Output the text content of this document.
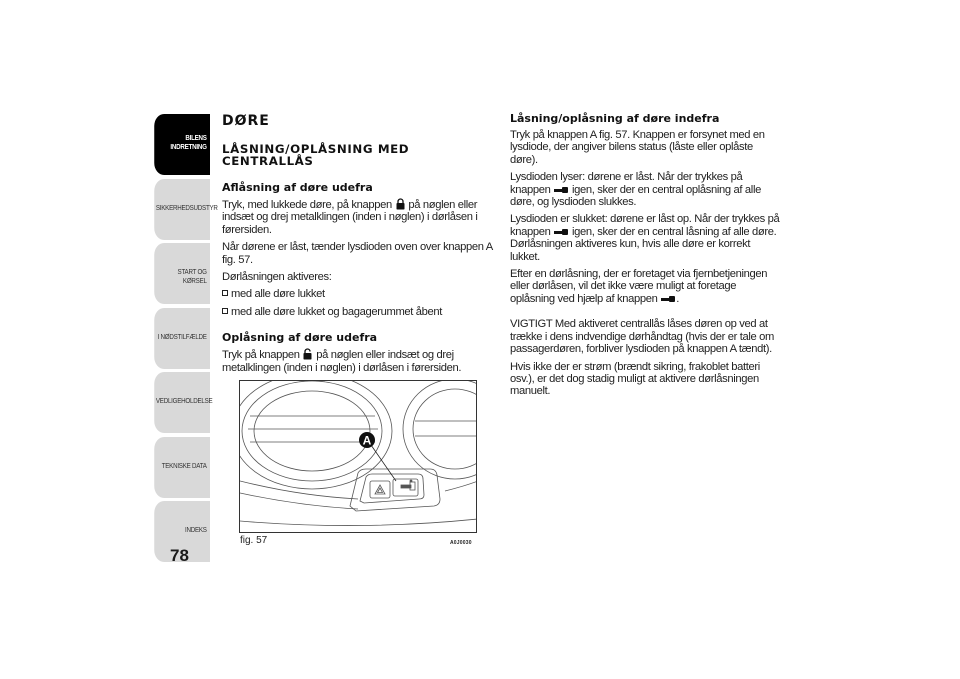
BILENS
INDRETNING
SIKKERHEDSUDSTYR
START OG KØRSEL
I NØDSTILFÆLDE
VEDLIGEHOLDELSE
TEKNISKE DATA
INDEKS
78
DØRE
LÅSNING/OPLÅSNING MED
CENTRALLÅS
Aflåsning af døre udefra

Tryk, med lukkede døre, på knappen på nøglen eller indsæt og drej metalklingen (inden i nøglen) i dørlåsen i førersiden.

Når dørene er låst, tænder lysdioden oven over knappen A fig. 57.

Dørlåsningen aktiveres:

med alle døre lukket
med alle døre lukket og bagagerummet åbent
Oplåsning af døre udefra

Tryk på knappen på nøglen eller indsæt og drej metalklingen (inden i nøglen) i dørlåsen i førersiden.

Låsning/oplåsning af døre indefra

Tryk på knappen A fig. 57. Knappen er forsynet med en lysdiode, der angiver bilens status (låste eller oplåste døre).

Lysdioden lyser: dørene er låst. Når der trykkes på knappen igen, sker der en central oplåsning af alle døre, og lysdioden slukkes.

Lysdioden er slukket: dørene er låst op. Når der trykkes på knappen igen, sker der en central låsning af alle døre. Dørlåsningen aktiveres kun, hvis alle døre er korrekt lukket.

Efter en dørlåsning, der er foretaget via fjernbetjeningen eller dørlåsen, vil det ikke være muligt at foretage oplåsning ved hjælp af knappen .

VIGTIGT Med aktiveret centrallås låses døren op ved at trække i dens indvendige dørhåndtag (hvis der er tale om passagerdøren, forbliver lysdioden på knappen A tændt).

Hvis ikke der er strøm (brændt sikring, frakoblet batteri osv.), er det dog stadig muligt at aktivere dørlåsningen manuelt.

A
fig. 57	A0J0030
